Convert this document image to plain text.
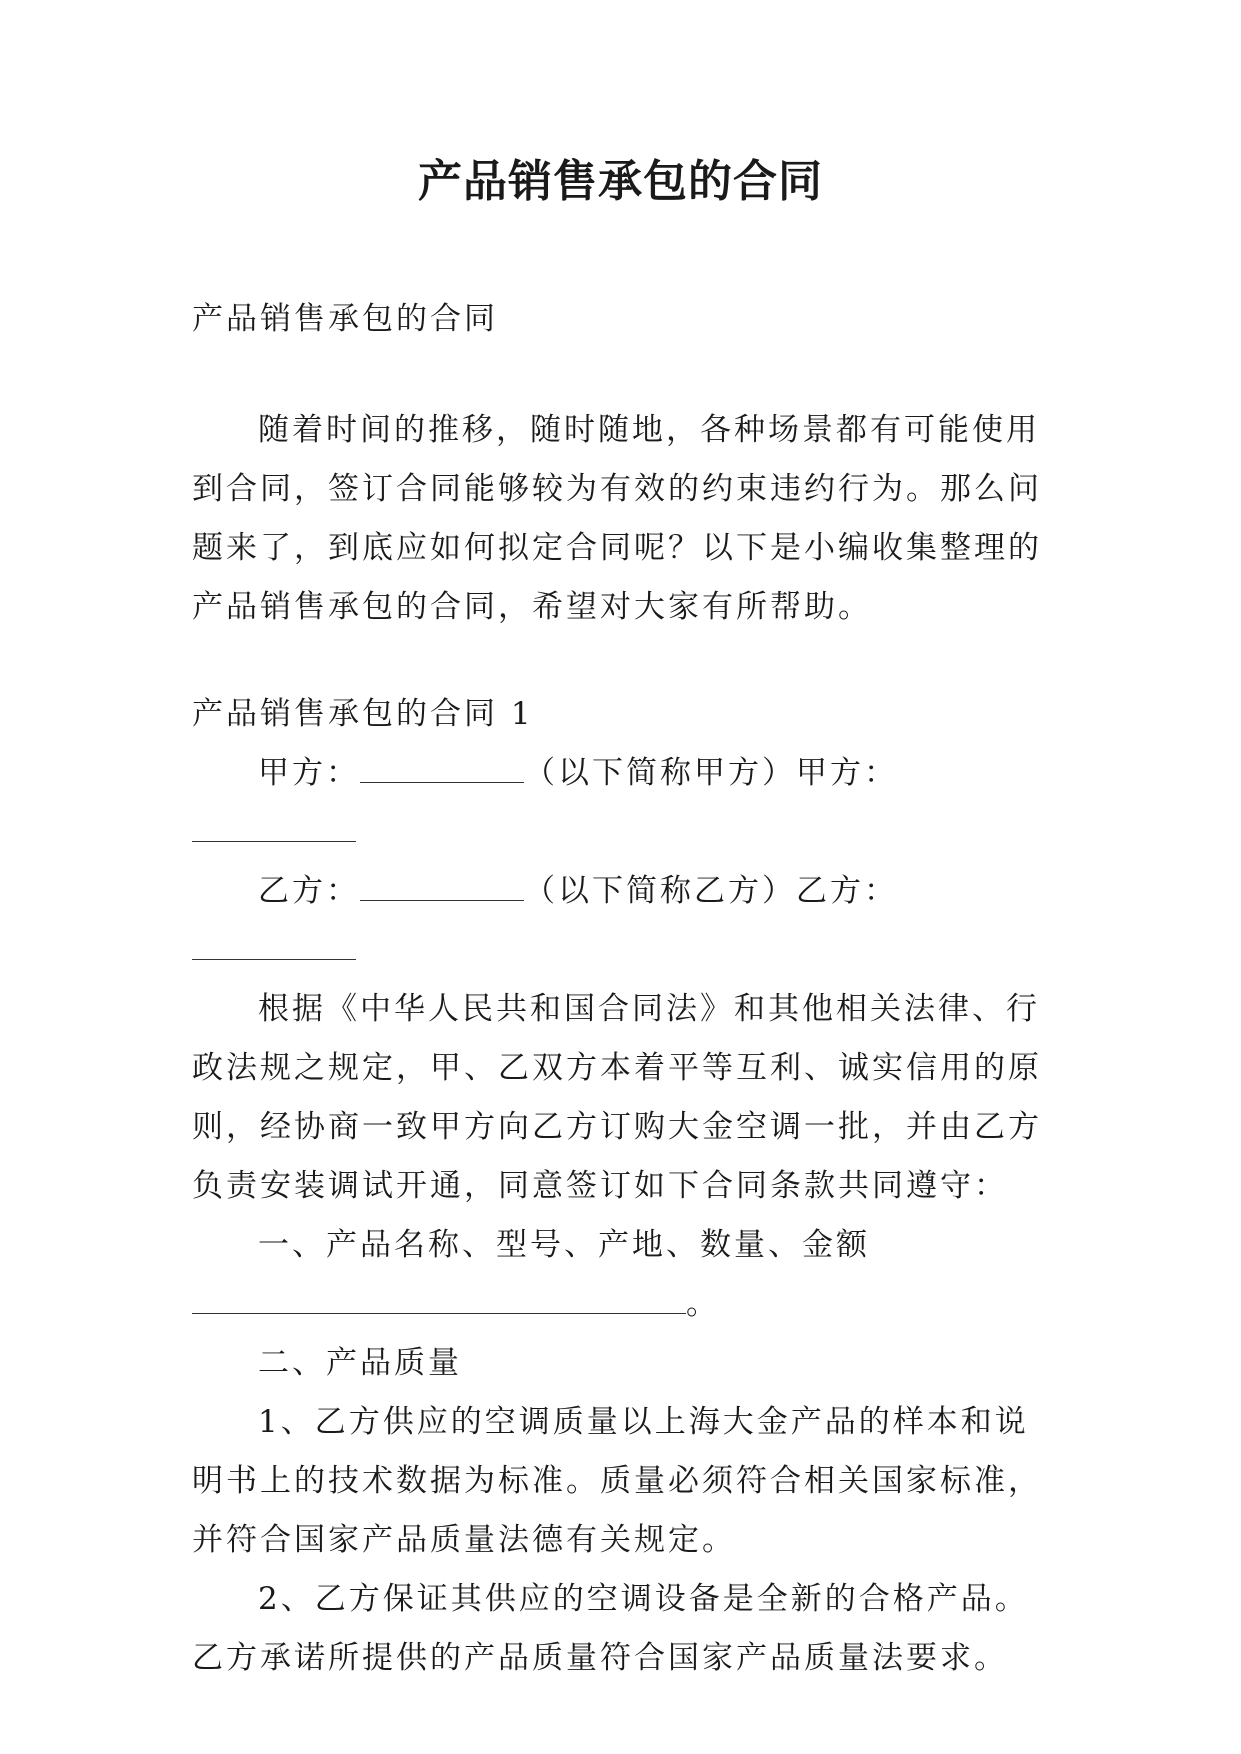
产品销售承包的合同

产品销售承包的合同

随着时间的推移，随时随地，各种场景都有可能使用到合同，签订合同能够较为有效的约束违约行为。那么问题来了，到底应如何拟定合同呢？以下是小编收集整理的产品销售承包的合同，希望对大家有所帮助。

产品销售承包的合同 1

甲方：	（以下简称甲方）甲方：

乙方：	（以下简称乙方）乙方：

根据《中华人民共和国合同法》和其他相关法律、行政法规之规定，甲、乙双方本着平等互利、诚实信用的原则，经协商一致甲方向乙方订购大金空调一批，并由乙方负责安装调试开通，同意签订如下合同条款共同遵守：

一、产品名称、型号、产地、数量、金额

。

二、产品质量

1、乙方供应的空调质量以上海大金产品的样本和说明书上的技术数据为标准。质量必须符合相关国家标准，并符合国家产品质量法德有关规定。

2、乙方保证其供应的空调设备是全新的合格产品。乙方承诺所提供的产品质量符合国家产品质量法要求。
